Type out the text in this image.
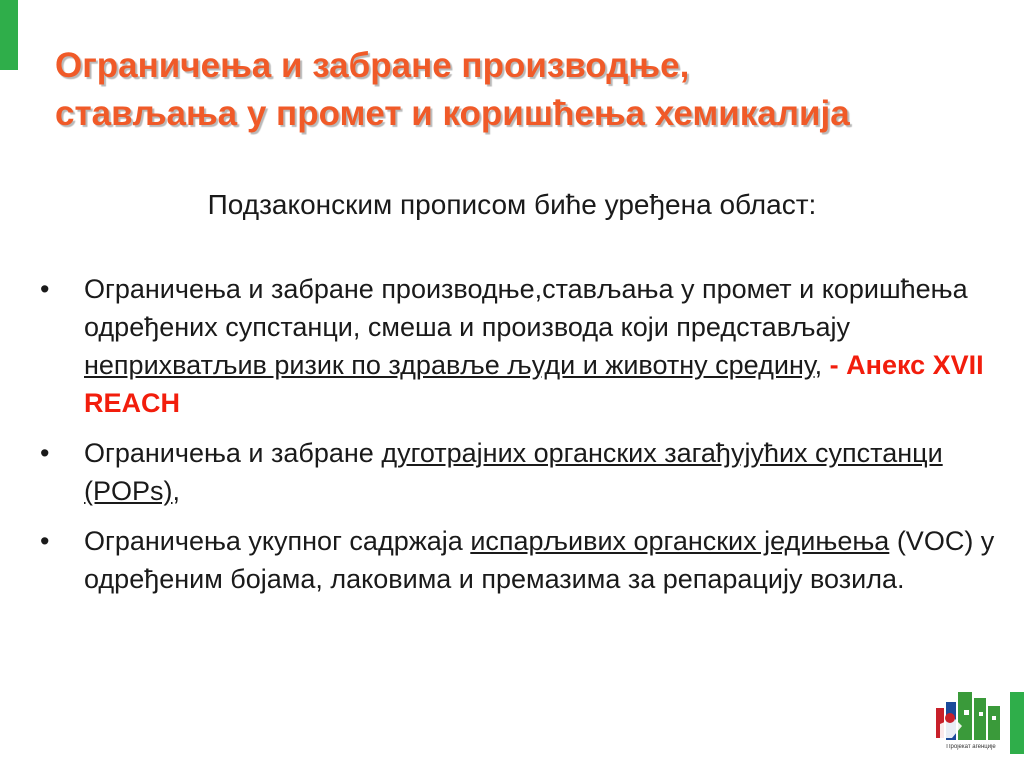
Ограничења и забране производње,
стављања у промет и коришћења хемикалија
Подзаконским прописом биће уређена област:
• Ограничења и забране производње,стављања у промет и коришћења одређених супстанци, смеша и производа који представљају неприхватљив ризик по здравље људи и животну средину, - Анекс XVII REACH
• Ограничења и забране дуготрајних органских загађујућих супстанци (POPs),
• Ограничења укупног садржаја испарљивих органских једињења (VOC) у одређеним бојама, лаковима и премазима за репарацију возила.
Пројекат агенције
